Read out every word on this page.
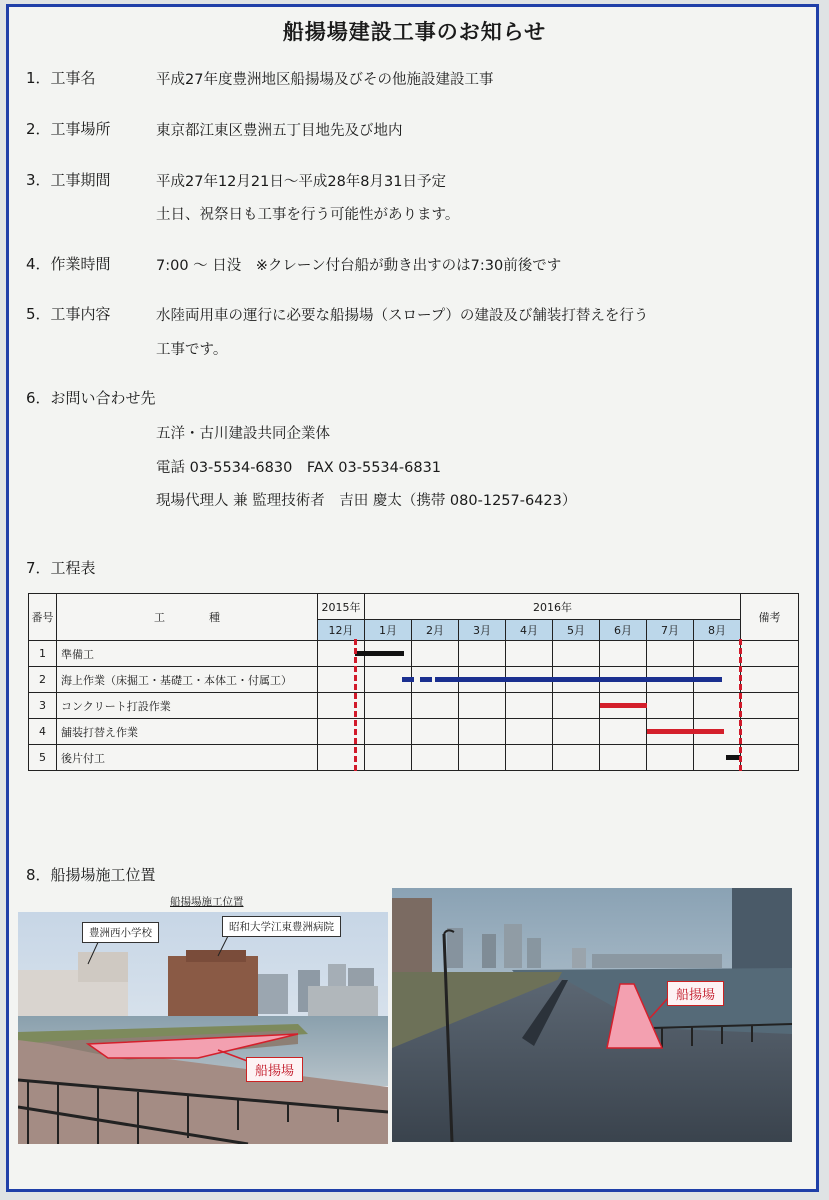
船揚場建設工事のお知らせ
1．工事名	平成27年度豊洲地区船揚場及びその他施設建設工事
2．工事場所	東京都江東区豊洲五丁目地先及び地内
3．工事期間	平成27年12月21日～平成28年8月31日予定
土日、祝祭日も工事を行う可能性があります。
4．作業時間	7:00 ～ 日没　※クレーン付台船が動き出すのは7:30前後です
5．工事内容	水陸両用車の運行に必要な船揚場（スロープ）の建設及び舗装打替えを行う
工事です。
6．お問い合わせ先
五洋・古川建設共同企業体
電話 03-5534-6830　FAX 03-5534-6831
現場代理人 兼 監理技術者　吉田 慶太（携帯 080-1257-6423）
7．工程表
番号	工　　　　種	2015年	2016年								備考
		12月	1月	2月	3月	4月	5月	6月	7月	8月	
1	準備工										
2	海上作業（床掘工・基礎工・本体工・付属工）										
3	コンクリート打設作業										
4	舗装打替え作業										
5	後片付工										
8．船揚場施工位置
船揚場施工位置
豊洲西小学校	昭和大学江東豊洲病院
船揚場
船揚場
